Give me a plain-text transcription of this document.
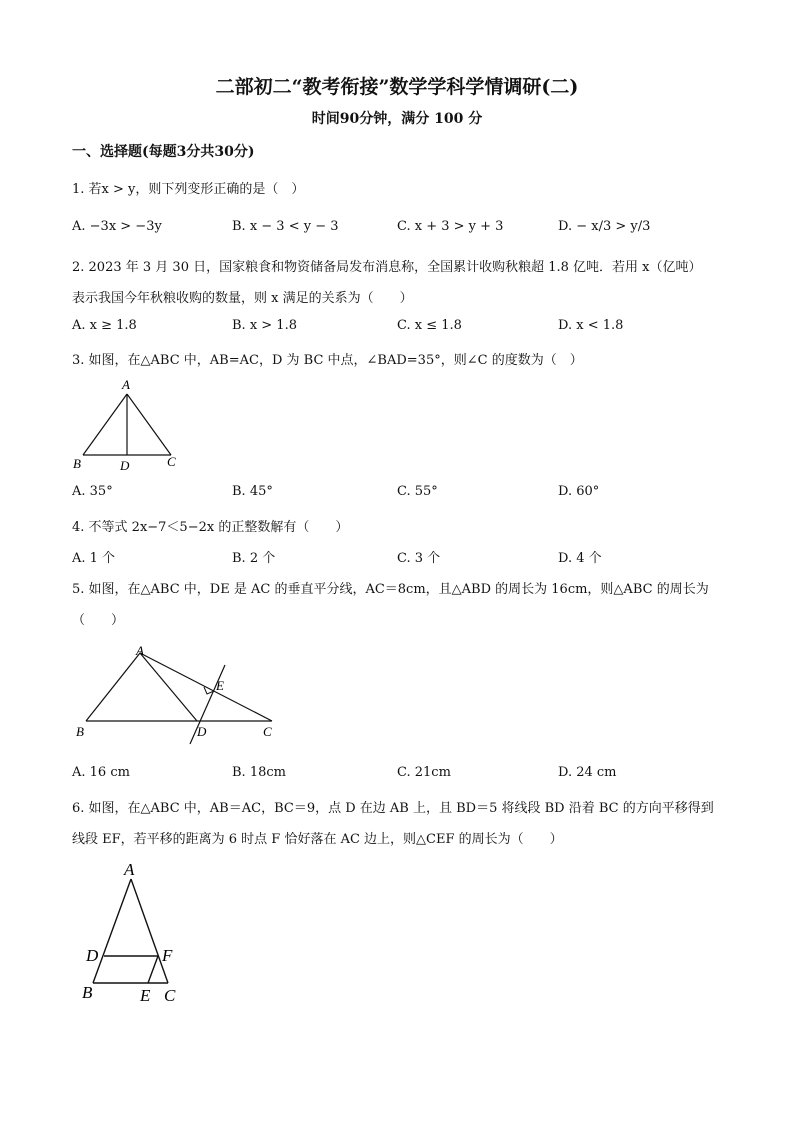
二部初二“教考衔接”数学学科学情调研(二)
时间90分钟，满分 100 分
一、选择题(每题3分共30分)
1. 若x > y，则下列变形正确的是（　）
A. −3x > −3y	B. x − 3 < y − 3	C. x + 3 > y + 3	D. − x/3 > y/3
2. 2023 年 3 月 30 日，国家粮食和物资储备局发布消息称，全国累计收购秋粮超 1.8 亿吨．若用 x（亿吨）
表示我国今年秋粮收购的数量，则 x 满足的关系为（　　）
A. x ≥ 1.8	B. x > 1.8	C. x ≤ 1.8	D. x < 1.8
3. 如图，在△ABC 中，AB=AC，D 为 BC 中点，∠BAD=35°，则∠C 的度数为（　）
A
B	D	C
A. 35°	B. 45°	C. 55°	D. 60°
4. 不等式 2x−7＜5−2x 的正整数解有（　　）
A. 1 个	B. 2 个	C. 3 个	D. 4 个
5. 如图，在△ABC 中，DE 是 AC 的垂直平分线，AC＝8cm，且△ABD 的周长为 16cm，则△ABC 的周长为
（　　）
A
B	D	C
E
A. 16 cm	B. 18cm	C. 21cm	D. 24 cm
6. 如图，在△ABC 中，AB＝AC，BC＝9，点 D 在边 AB 上，且 BD＝5 将线段 BD 沿着 BC 的方向平移得到
线段 EF，若平移的距离为 6 时点 F 恰好落在 AC 边上，则△CEF 的周长为（　　）
A
D	F
B	E C
